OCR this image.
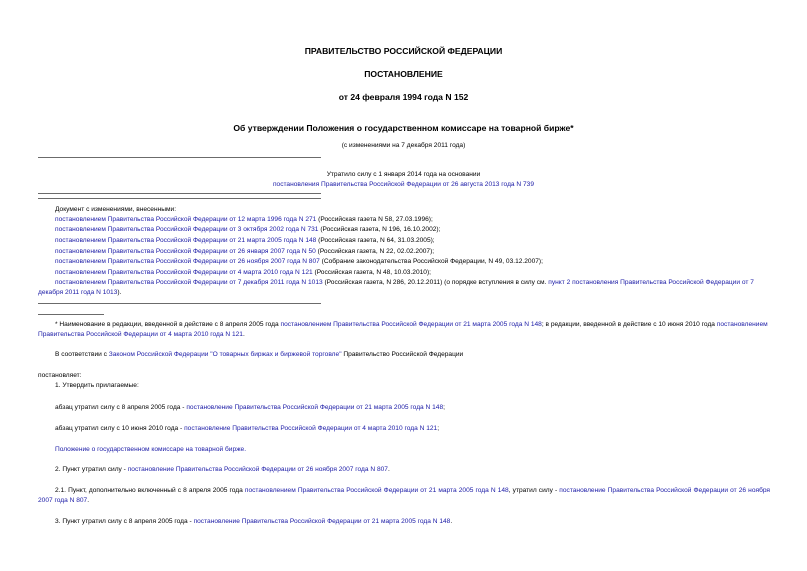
ПРАВИТЕЛЬСТВО РОССИЙСКОЙ ФЕДЕРАЦИИ
ПОСТАНОВЛЕНИЕ
от 24 февраля 1994 года N 152
Об утверждении Положения о государственном комиссаре на товарной бирже*
(с изменениями на 7 декабря 2011 года)
Утратило силу с 1 января 2014 года на основании
постановления Правительства Российской Федерации от 26 августа 2013 года N 739
Документ с изменениями, внесенными:
постановлением Правительства Российской Федерации от 12 марта 1996 года N 271 (Российская газета N 58, 27.03.1996);
постановлением Правительства Российской Федерации от 3 октября 2002 года N 731 (Российская газета, N 196, 16.10.2002);
постановлением Правительства Российской Федерации от 21 марта 2005 года N 148 (Российская газета, N 64, 31.03.2005);
постановлением Правительства Российской Федерации от 26 января 2007 года N 50 (Российская газета, N 22, 02.02.2007);
постановлением Правительства Российской Федерации от 26 ноября 2007 года N 807 (Собрание законодательства Российской Федерации, N 49, 03.12.2007);
постановлением Правительства Российской Федерации от 4 марта 2010 года N 121 (Российская газета, N 48, 10.03.2010);
постановлением Правительства Российской Федерации от 7 декабря 2011 года N 1013 (Российская газета, N 286, 20.12.2011) (о порядке вступления в силу см. пункт 2 постановления Правительства Российской Федерации от 7 декабря 2011 года N 1013).
* Наименование в редакции, введенной в действие с 8 апреля 2005 года постановлением Правительства Российской Федерации от 21 марта 2005 года N 148; в редакции, введенной в действие с 10 июня 2010 года постановлением Правительства Российской Федерации от 4 марта 2010 года N 121.
В соответствии с Законом Российской Федерации "О товарных биржах и биржевой торговле" Правительство Российской Федерации
постановляет:
1. Утвердить прилагаемые:
абзац утратил силу с 8 апреля 2005 года - постановление Правительства Российской Федерации от 21 марта 2005 года N 148;
абзац утратил силу с 10 июня 2010 года - постановление Правительства Российской Федерации от 4 марта 2010 года N 121;
Положение о государственном комиссаре на товарной бирже.
2. Пункт утратил силу - постановление Правительства Российской Федерации от 26 ноября 2007 года N 807.
2.1. Пункт, дополнительно включенный с 8 апреля 2005 года постановлением Правительства Российской Федерации от 21 марта 2005 года N 148, утратил силу - постановление Правительства Российской Федерации от 26 ноября 2007 года N 807.
3. Пункт утратил силу с 8 апреля 2005 года - постановление Правительства Российской Федерации от 21 марта 2005 года N 148.
